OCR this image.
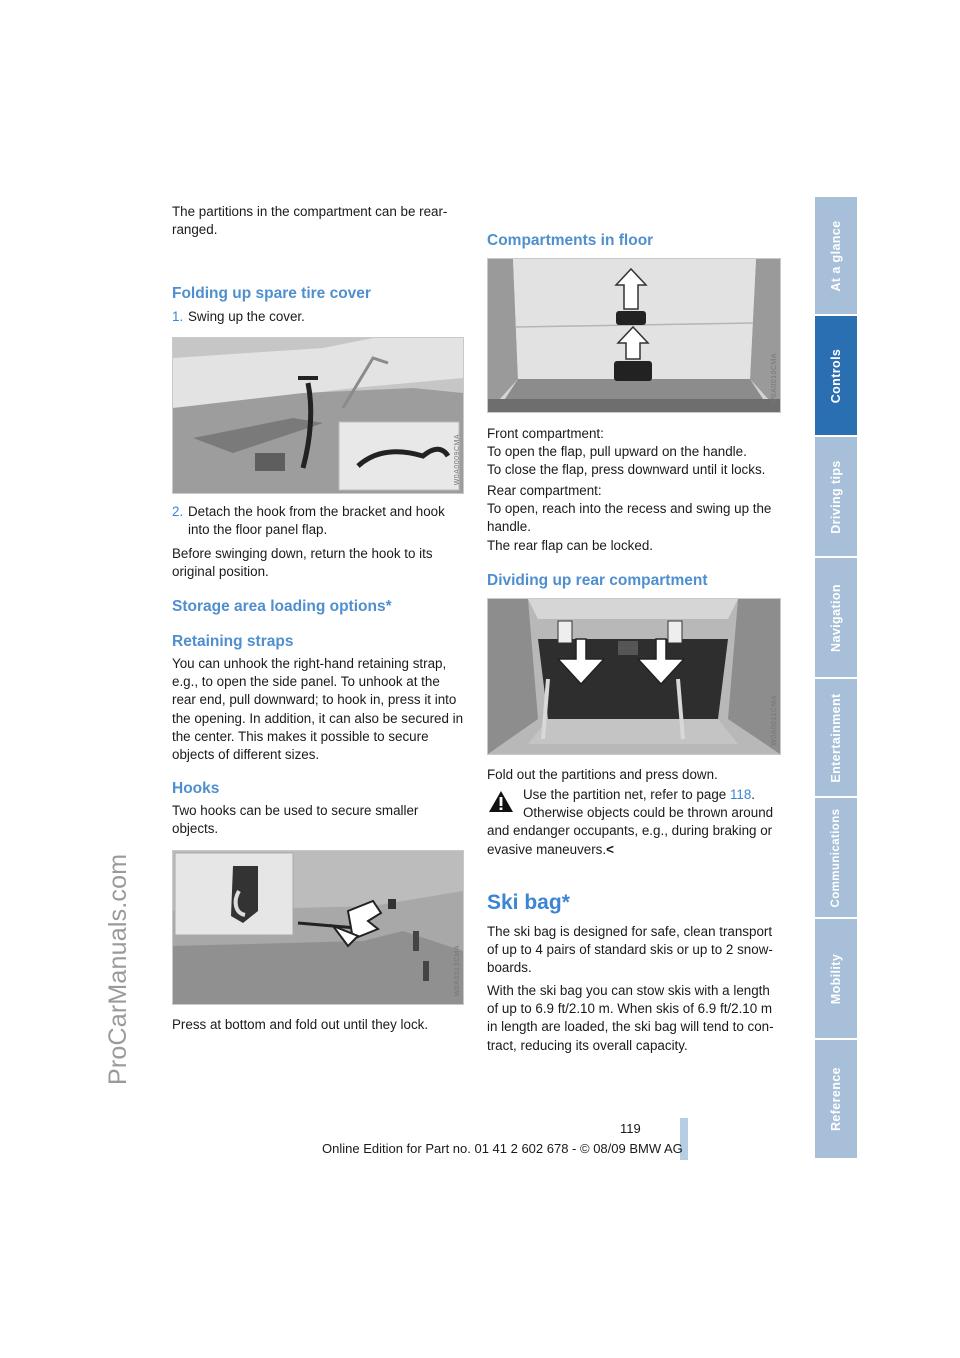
ProCarManuals.com

The partitions in the compartment can be rear-ranged.

Folding up spare tire cover
1. Swing up the cover.
W0A0009CMA
2. Detach the hook from the bracket and hook into the floor panel flap.

Before swinging down, return the hook to its original position.

Storage area loading options*
Retaining straps

You can unhook the right-hand retaining strap, e.g., to open the side panel. To unhook at the rear end, pull downward; to hook in, press it into the opening. In addition, it can also be secured in the center. This makes it possible to secure objects of different sizes.

Hooks

Two hooks can be used to secure smaller objects.

W0A0013CMA

Press at bottom and fold out until they lock.

Compartments in floor
W0A0010CMA

Front compartment:

To open the flap, pull upward on the handle.

To close the flap, press downward until it locks.

Rear compartment:

To open, reach into the recess and swing up the handle.

The rear flap can be locked.

Dividing up rear compartment
W0A0011CMA

Fold out the partitions and press down.

Use the partition net, refer to page 118.

Otherwise objects could be thrown around and endanger occupants, e.g., during braking or evasive maneuvers.<

Ski bag*

The ski bag is designed for safe, clean transport of up to 4 pairs of standard skis or up to 2 snow-boards.

With the ski bag you can stow skis with a length of up to 6.9 ft/2.10 m. When skis of 6.9 ft/2.10 m in length are loaded, the ski bag will tend to con-tract, reducing its overall capacity.

At a glance
Controls
Driving tips
Navigation
Entertainment
Communications
Mobility
Reference
119
Online Edition for Part no. 01 41 2 602 678 - © 08/09 BMW AG
